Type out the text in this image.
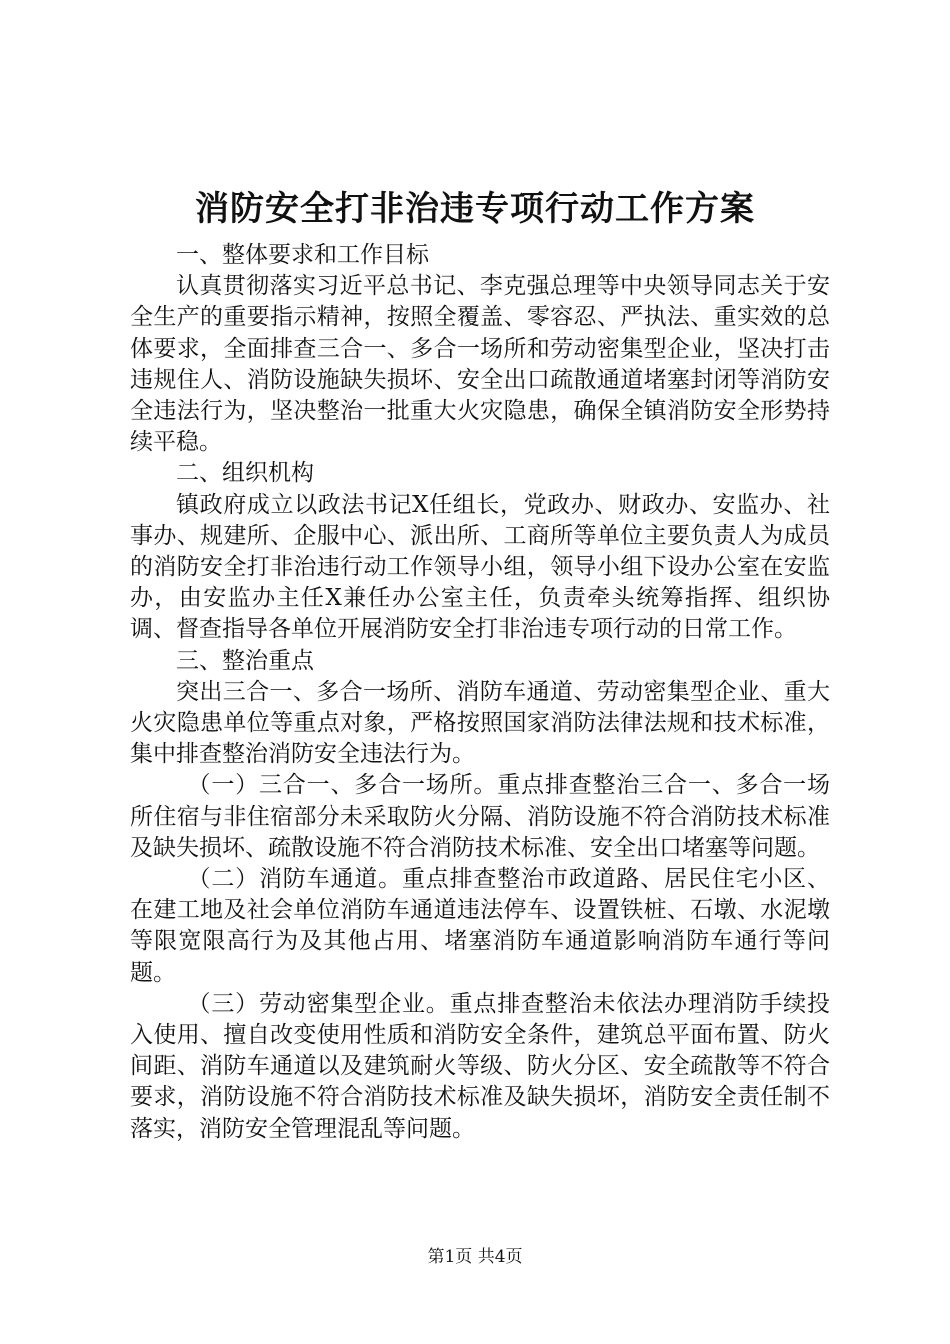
消防安全打非治违专项行动工作方案

一、整体要求和工作目标

认真贯彻落实习近平总书记、李克强总理等中央领导同志关于安全生产的重要指示精神，按照全覆盖、零容忍、严执法、重实效的总体要求，全面排查三合一、多合一场所和劳动密集型企业，坚决打击违规住人、消防设施缺失损坏、安全出口疏散通道堵塞封闭等消防安全违法行为，坚决整治一批重大火灾隐患，确保全镇消防安全形势持续平稳。

二、组织机构

镇政府成立以政法书记X任组长，党政办、财政办、安监办、社事办、规建所、企服中心、派出所、工商所等单位主要负责人为成员的消防安全打非治违行动工作领导小组，领导小组下设办公室在安监办，由安监办主任X兼任办公室主任，负责牵头统筹指挥、组织协调、督查指导各单位开展消防安全打非治违专项行动的日常工作。

三、整治重点

突出三合一、多合一场所、消防车通道、劳动密集型企业、重大火灾隐患单位等重点对象，严格按照国家消防法律法规和技术标准，集中排查整治消防安全违法行为。

（一）三合一、多合一场所。重点排查整治三合一、多合一场所住宿与非住宿部分未采取防火分隔、消防设施不符合消防技术标准及缺失损坏、疏散设施不符合消防技术标准、安全出口堵塞等问题。

（二）消防车通道。重点排查整治市政道路、居民住宅小区、在建工地及社会单位消防车通道违法停车、设置铁桩、石墩、水泥墩等限宽限高行为及其他占用、堵塞消防车通道影响消防车通行等问题。

（三）劳动密集型企业。重点排查整治未依法办理消防手续投入使用、擅自改变使用性质和消防安全条件，建筑总平面布置、防火间距、消防车通道以及建筑耐火等级、防火分区、安全疏散等不符合要求，消防设施不符合消防技术标准及缺失损坏，消防安全责任制不落实，消防安全管理混乱等问题。

第1页 共4页
